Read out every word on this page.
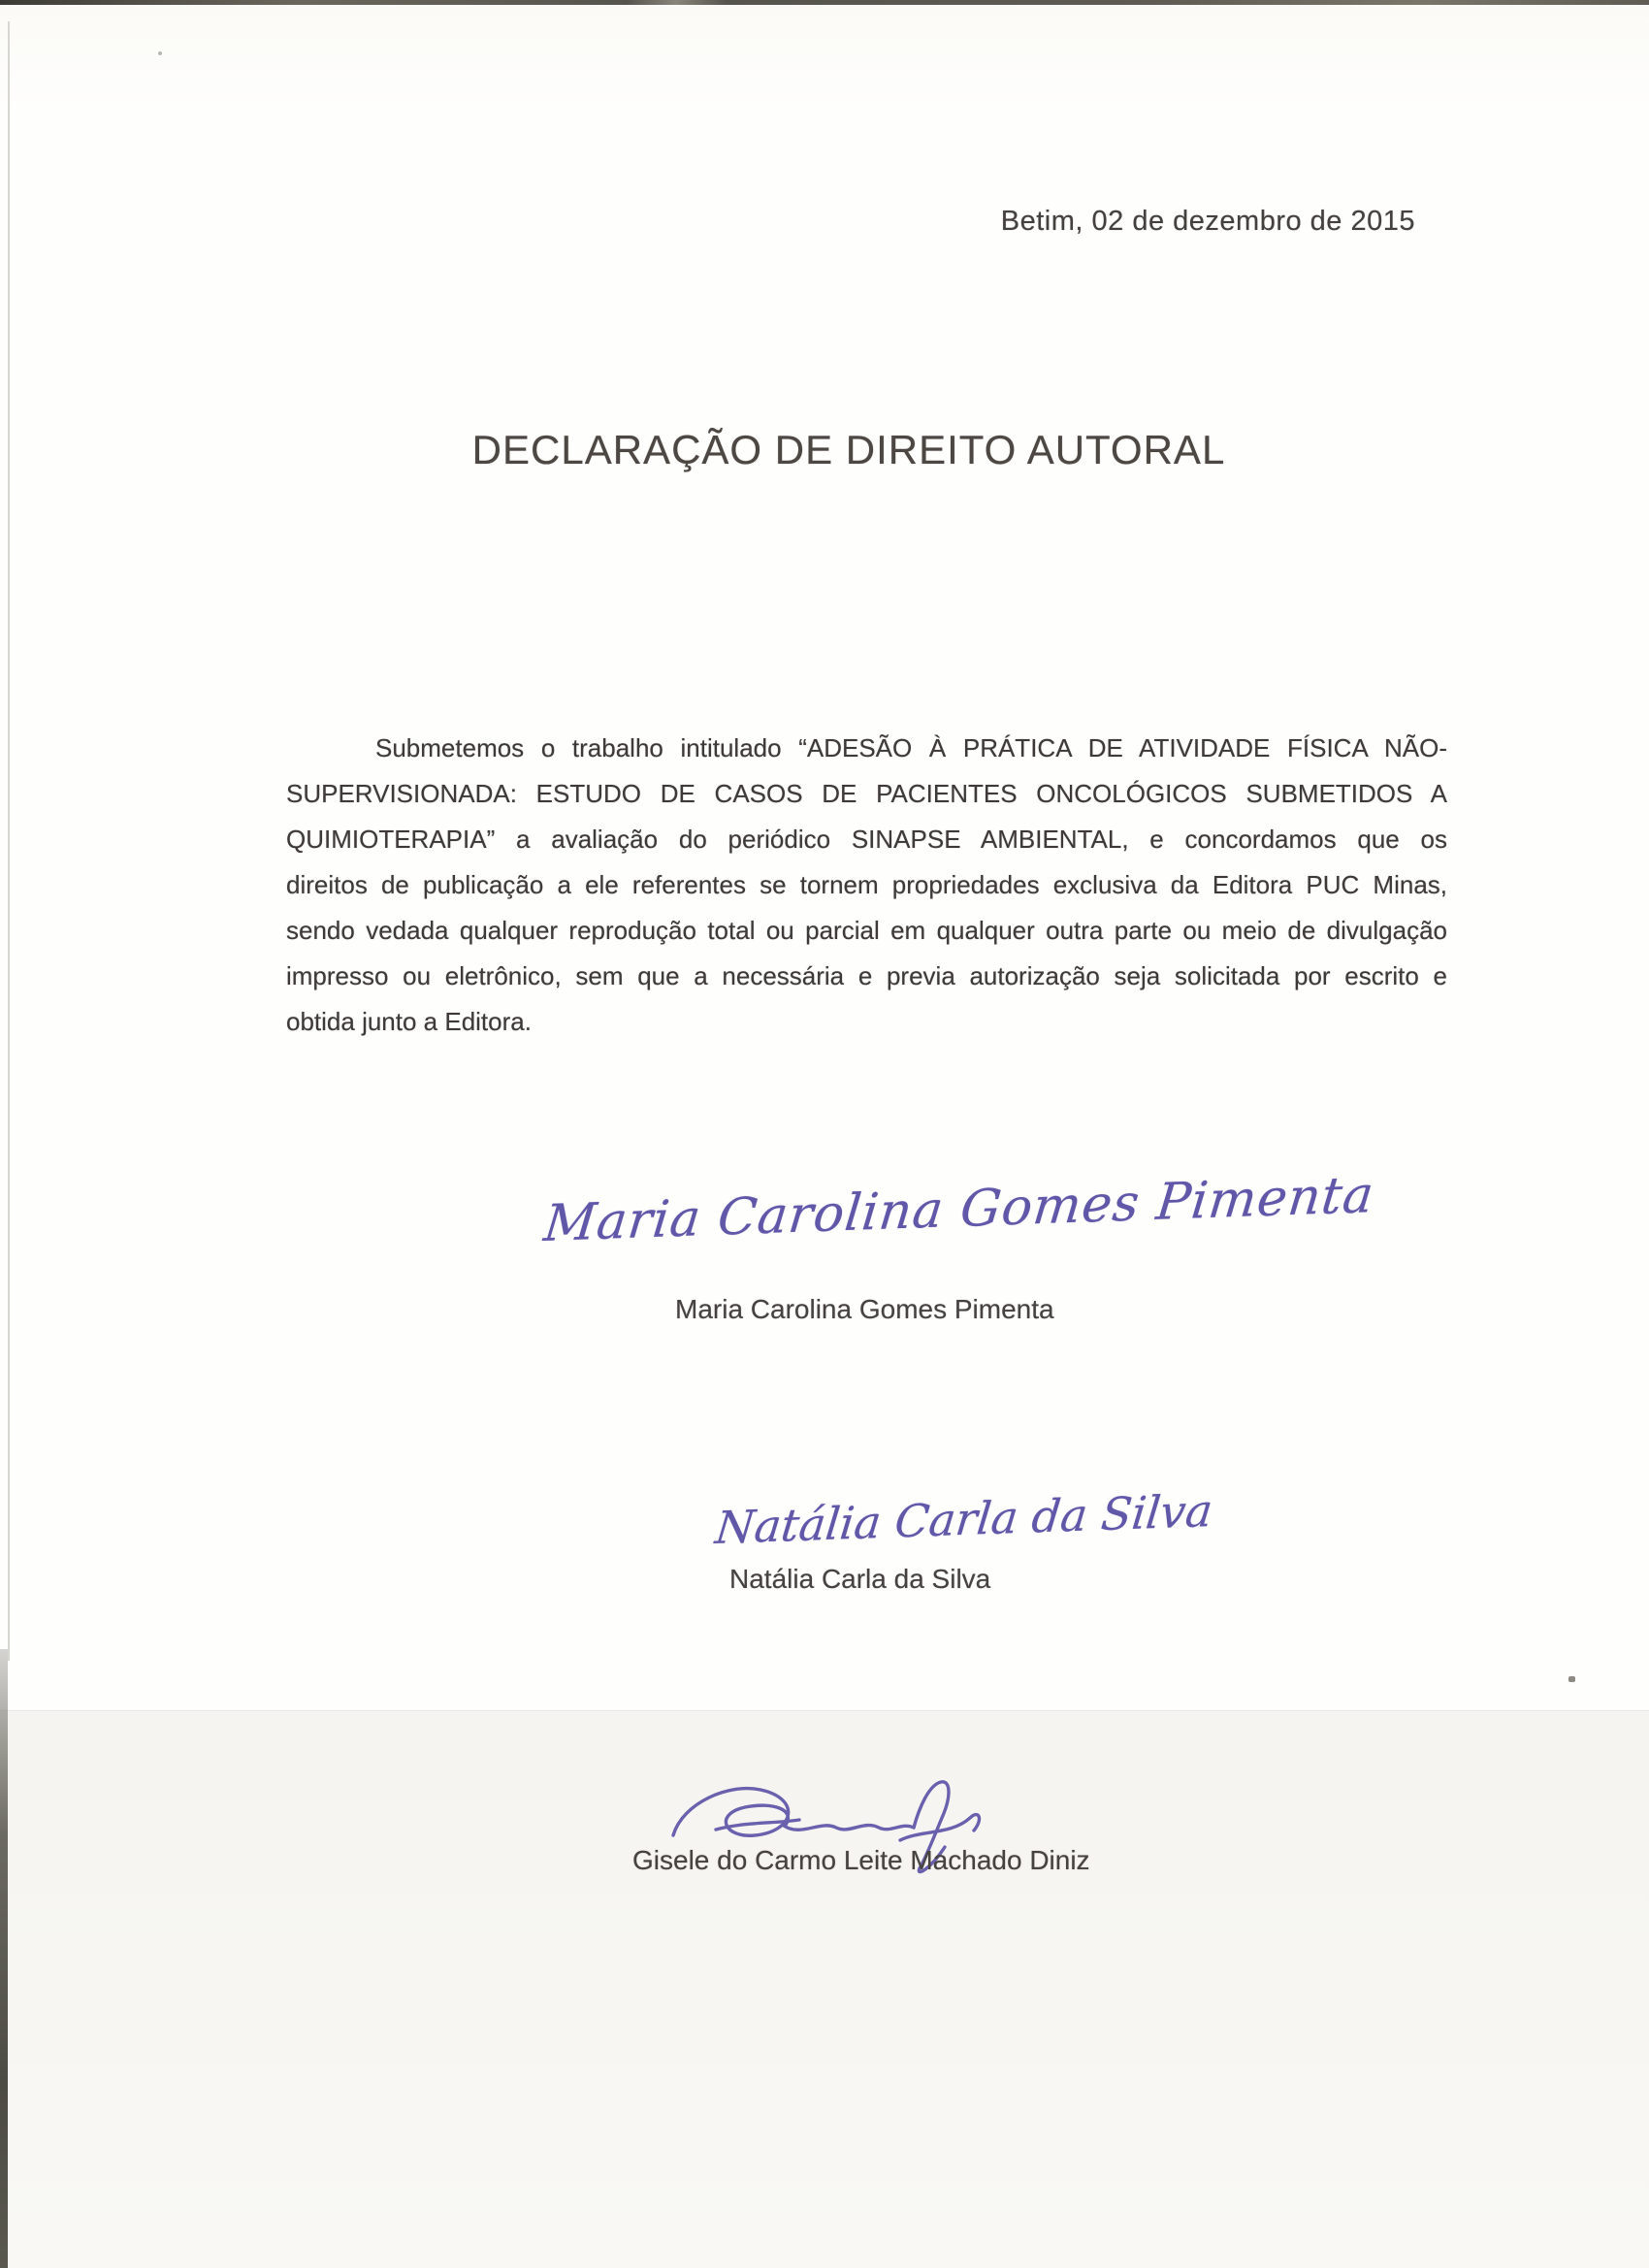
Betim, 02 de dezembro de 2015
DECLARAÇÃO DE DIREITO AUTORAL
Submetemos o trabalho intitulado “ADESÃO À PRÁTICA DE ATIVIDADE FÍSICA NÃO-
SUPERVISIONADA: ESTUDO DE CASOS DE PACIENTES ONCOLÓGICOS SUBMETIDOS A
QUIMIOTERAPIA” a avaliação do periódico SINAPSE AMBIENTAL, e concordamos que os
direitos de publicação a ele referentes se tornem propriedades exclusiva da Editora PUC Minas,
sendo vedada qualquer reprodução total ou parcial em qualquer outra parte ou meio de divulgação
impresso ou eletrônico, sem que a necessária e previa autorização seja solicitada por escrito e
obtida junto a Editora.
Maria Carolina Gomes Pimenta
Maria Carolina Gomes Pimenta
Natália Carla da Silva
Natália Carla da Silva
Gisele do Carmo Leite Machado Diniz
